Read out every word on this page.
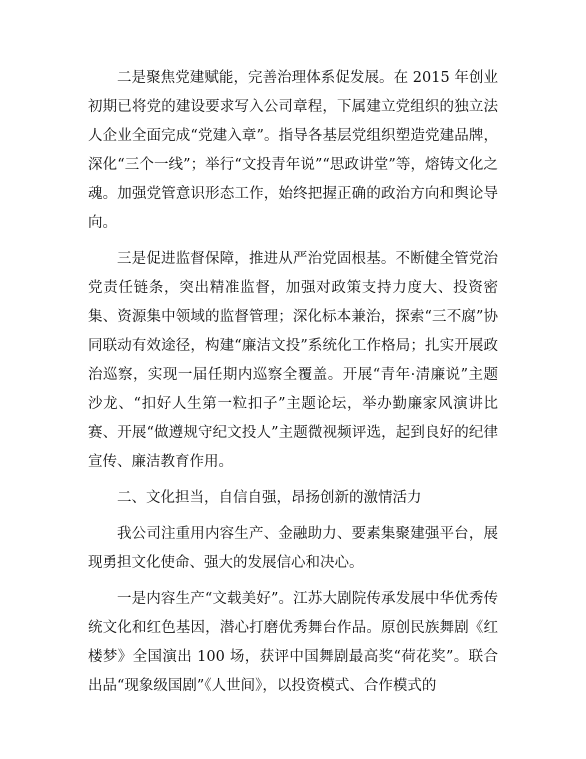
二是聚焦党建赋能，完善治理体系促发展。在 2015 年创业初期已将党的建设要求写入公司章程，下属建立党组织的独立法人企业全面完成“党建入章”。指导各基层党组织塑造党建品牌，深化“三个一线”；举行“文投青年说”“思政讲堂”等，熔铸文化之魂。加强党管意识形态工作，始终把握正确的政治方向和舆论导向。

三是促进监督保障，推进从严治党固根基。不断健全管党治党责任链条，突出精准监督，加强对政策支持力度大、投资密集、资源集中领域的监督管理；深化标本兼治，探索“三不腐”协同联动有效途径，构建“廉洁文投”系统化工作格局；扎实开展政治巡察，实现一届任期内巡察全覆盖。开展“青年·清廉说”主题沙龙、“扣好人生第一粒扣子”主题论坛，举办勤廉家风演讲比赛、开展“做遵规守纪文投人”主题微视频评选，起到良好的纪律宣传、廉洁教育作用。

二、文化担当，自信自强，昂扬创新的激情活力

我公司注重用内容生产、金融助力、要素集聚建强平台，展现勇担文化使命、强大的发展信心和决心。

一是内容生产“文载美好”。江苏大剧院传承发展中华优秀传统文化和红色基因，潜心打磨优秀舞台作品。原创民族舞剧《红楼梦》全国演出 100 场，获评中国舞剧最高奖“荷花奖”。联合出品“现象级国剧”《人世间》，以投资模式、合作模式的
